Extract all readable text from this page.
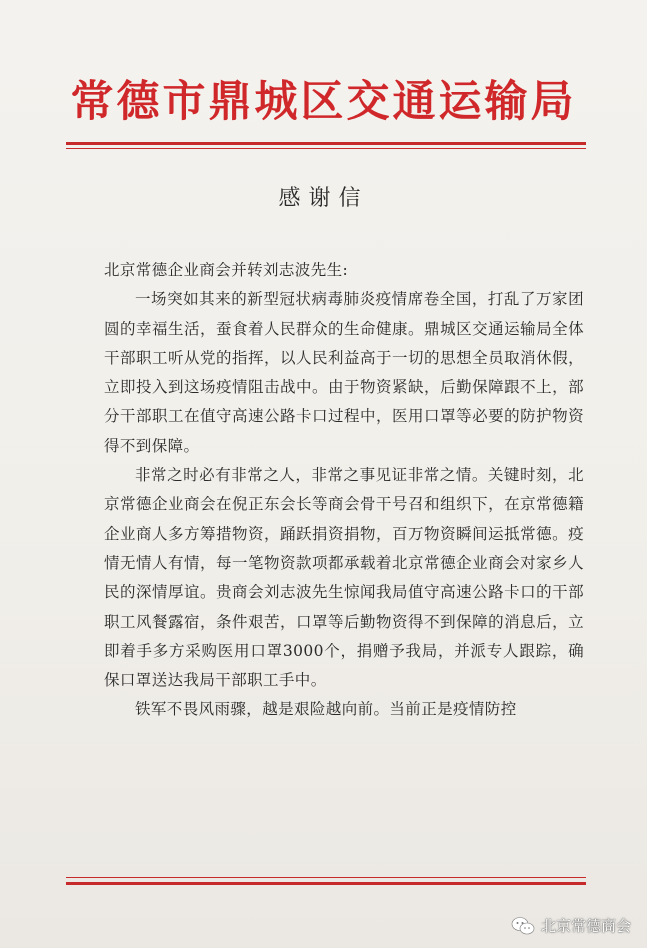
常德市鼎城区交通运输局
感谢信

北京常德企业商会并转刘志波先生:

一场突如其来的新型冠状病毒肺炎疫情席卷全国，打乱了万家团圆的幸福生活，蚕食着人民群众的生命健康。鼎城区交通运输局全体干部职工听从党的指挥，以人民利益高于一切的思想全员取消休假，立即投入到这场疫情阻击战中。由于物资紧缺，后勤保障跟不上，部分干部职工在值守高速公路卡口过程中，医用口罩等必要的防护物资得不到保障。

非常之时必有非常之人，非常之事见证非常之情。关键时刻，北京常德企业商会在倪正东会长等商会骨干号召和组织下，在京常德籍企业商人多方筹措物资，踊跃捐资捐物，百万物资瞬间运抵常德。疫情无情人有情，每一笔物资款项都承载着北京常德企业商会对家乡人民的深情厚谊。贵商会刘志波先生惊闻我局值守高速公路卡口的干部职工风餐露宿，条件艰苦，口罩等后勤物资得不到保障的消息后，立即着手多方采购医用口罩3000个，捐赠予我局，并派专人跟踪，确保口罩送达我局干部职工手中。

铁军不畏风雨骤，越是艰险越向前。当前正是疫情防控

北京常德商会
